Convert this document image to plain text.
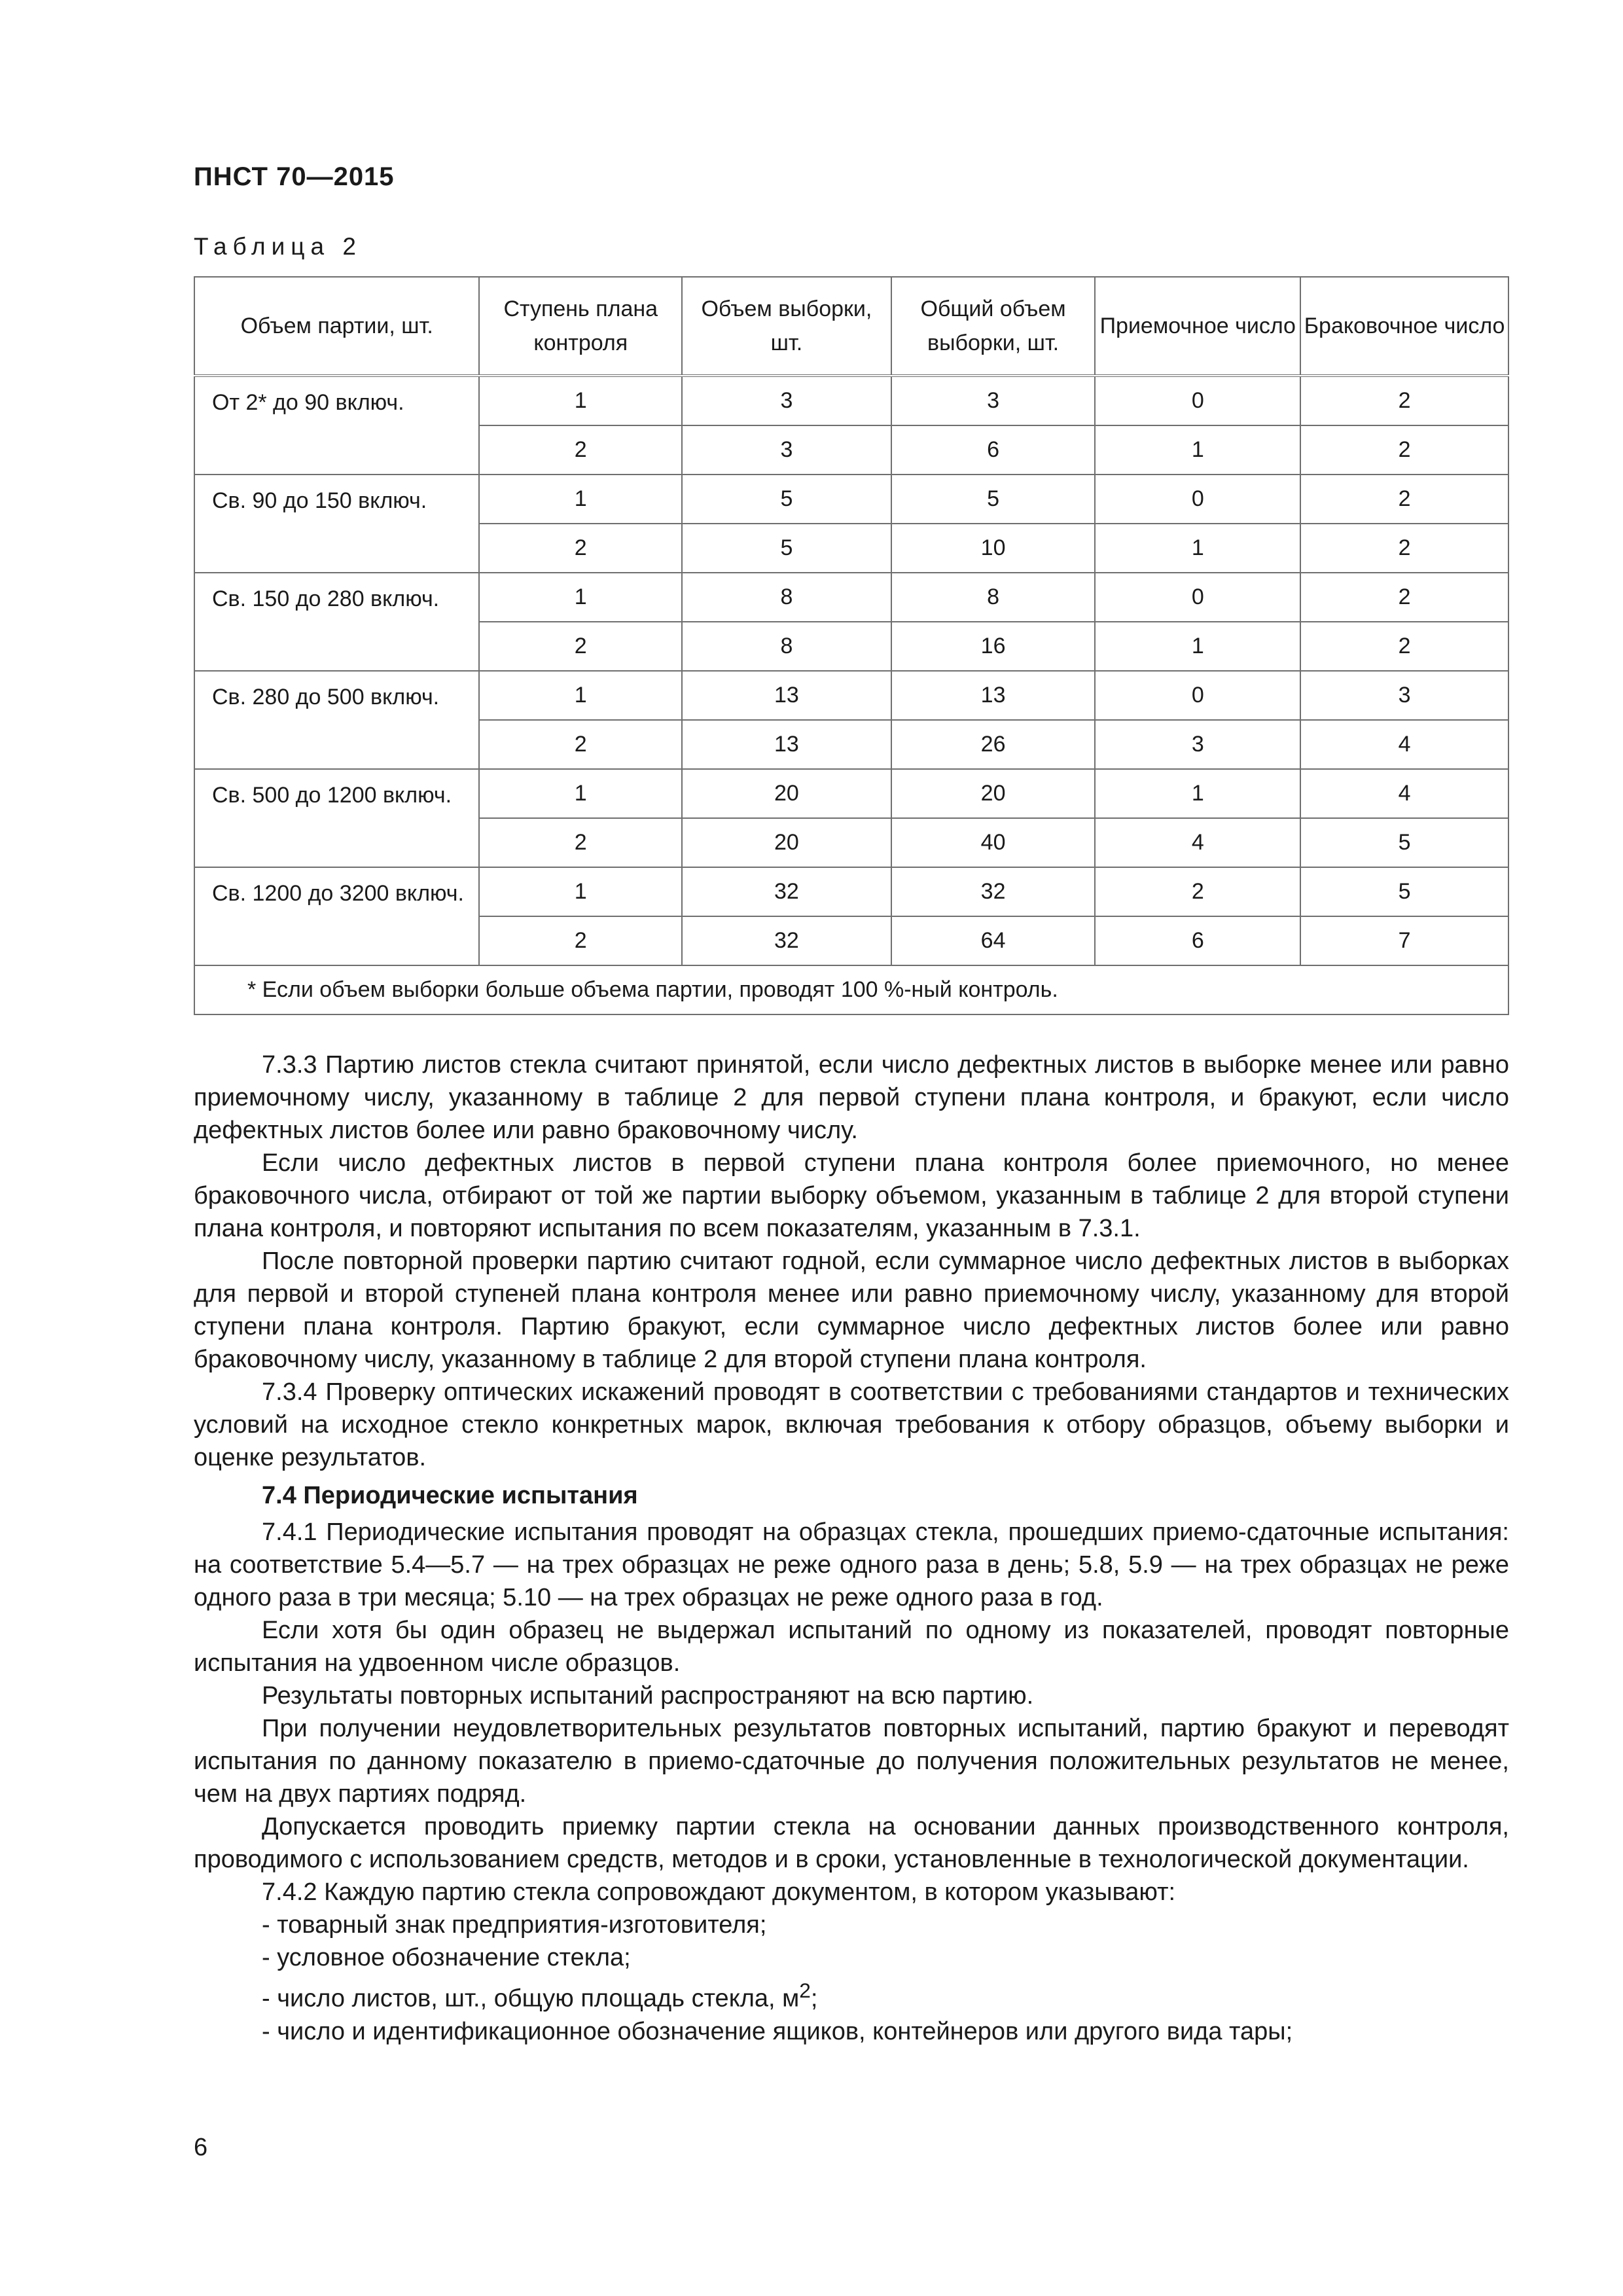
ПНСТ 70—2015
Таблица 2
Объем партии, шт.	Ступень плана контроля	Объем выборки, шт.	Общий объем выборки, шт.	Приемочное число	Браковочное число
От 2* до 90 включ.	1	3	3	0	2
	2	3	6	1	2
Св. 90 до 150 включ.	1	5	5	0	2
	2	5	10	1	2
Св. 150 до 280 включ.	1	8	8	0	2
	2	8	16	1	2
Св. 280 до 500 включ.	1	13	13	0	3
	2	13	26	3	4
Св. 500 до 1200 включ.	1	20	20	1	4
	2	20	40	4	5
Св. 1200 до 3200 включ.	1	32	32	2	5
	2	32	64	6	7
* Если объем выборки больше объема партии, проводят 100 %-ный контроль.					

7.3.3 Партию листов стекла считают принятой, если число дефектных листов в выборке менее или равно приемочному числу, указанному в таблице 2 для первой ступени плана контроля, и бракуют, если число дефектных листов более или равно браковочному числу.

Если число дефектных листов в первой ступени плана контроля более приемочного, но менее браковочного числа, отбирают от той же партии выборку объемом, указанным в таблице 2 для второй ступени плана контроля, и повторяют испытания по всем показателям, указанным в 7.3.1.

После повторной проверки партию считают годной, если суммарное число дефектных листов в выборках для первой и второй ступеней плана контроля менее или равно приемочному числу, указанному для второй ступени плана контроля. Партию бракуют, если суммарное число дефектных листов более или равно браковочному числу, указанному в таблице 2 для второй ступени плана контроля.

7.3.4 Проверку оптических искажений проводят в соответствии с требованиями стандартов и технических условий на исходное стекло конкретных марок, включая требования к отбору образцов, объему выборки и оценке результатов.

7.4 Периодические испытания

7.4.1 Периодические испытания проводят на образцах стекла, прошедших приемо-сдаточные испытания: на соответствие 5.4—5.7 — на трех образцах не реже одного раза в день; 5.8, 5.9 — на трех образцах не реже одного раза в три месяца; 5.10 — на трех образцах не реже одного раза в год.

Если хотя бы один образец не выдержал испытаний по одному из показателей, проводят повторные испытания на удвоенном числе образцов.

Результаты повторных испытаний распространяют на всю партию.

При получении неудовлетворительных результатов повторных испытаний, партию бракуют и переводят испытания по данному показателю в приемо-сдаточные до получения положительных результатов не менее, чем на двух партиях подряд.

Допускается проводить приемку партии стекла на основании данных производственного контроля, проводимого с использованием средств, методов и в сроки, установленные в технологической документации.

7.4.2 Каждую партию стекла сопровождают документом, в котором указывают:

- товарный знак предприятия-изготовителя;
- условное обозначение стекла;
- число листов, шт., общую площадь стекла, $м^2$;
- число и идентификационное обозначение ящиков, контейнеров или другого вида тары;
6
